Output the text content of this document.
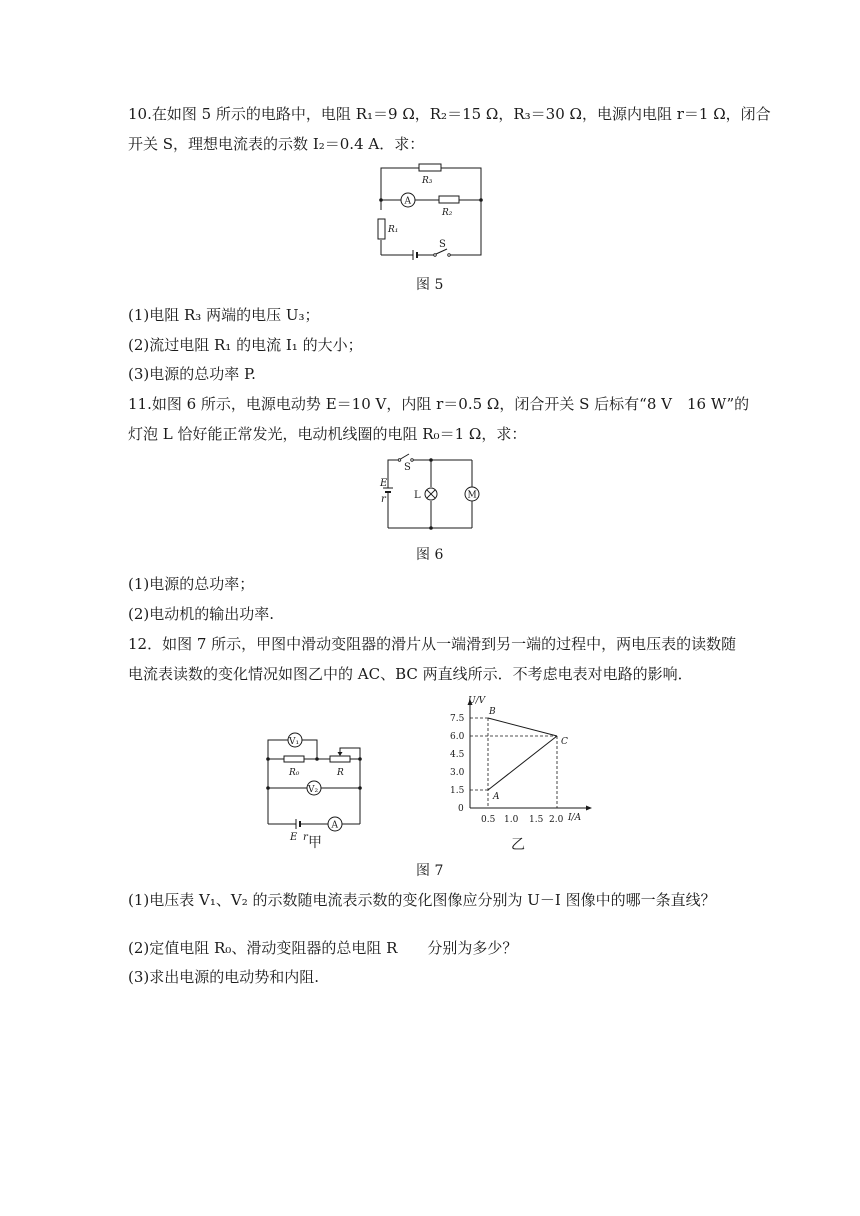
10.在如图 5 所示的电路中，电阻 R₁＝9 Ω，R₂＝15 Ω，R₃＝30 Ω，电源内电阻 r＝1 Ω，闭合
开关 S，理想电流表的示数 I₂＝0.4 A．求：
R₃
A
R₂
R₁
S
图 5
(1)电阻 R₃ 两端的电压 U₃；
(2)流过电阻 R₁ 的电流 I₁ 的大小；
(3)电源的总功率 P.
11.如图 6 所示，电源电动势 E＝10 V，内阻 r＝0.5 Ω，闭合开关 S 后标有“8 V　16 W”的
灯泡 L 恰好能正常发光，电动机线圈的电阻 R₀＝1 Ω，求：
S
E
r	L	M
图 6
(1)电源的总功率；
(2)电动机的输出功率.
12．如图 7 所示，甲图中滑动变阻器的滑片从一端滑到另一端的过程中，两电压表的读数随
电流表读数的变化情况如图乙中的 AC、BC 两直线所示．不考虑电表对电路的影响．
V₁
R₀	R
V₂
A
E r 甲
U/V
I/A
7.5
6.0
4.5
3.0
1.5
0
0.5 1.0 1.5 2.0
B
A
C
乙
图 7
(1)电压表 V₁、V₂ 的示数随电流表示数的变化图像应分别为 U－I 图像中的哪一条直线？
(2)定值电阻 R₀、滑动变阻器的总电阻 R　　分别为多少？
(3)求出电源的电动势和内阻.
